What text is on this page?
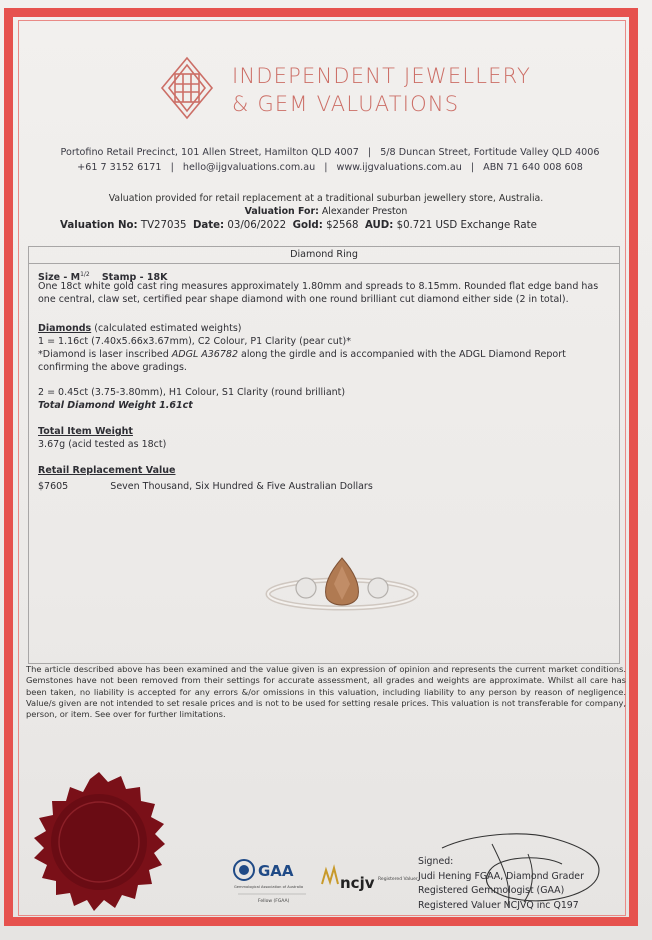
INDEPENDENT JEWELLERY
& GEM VALUATIONS
Portofino Retail Precinct, 101 Allen Street, Hamilton QLD 4007 | 5/8 Duncan Street, Fortitude Valley QLD 4006
+61 7 3152 6171 | hello@ijgvaluations.com.au | www.ijgvaluations.com.au | ABN 71 640 008 608
Valuation provided for retail replacement at a traditional suburban jewellery store, Australia.
Valuation For: Alexander Preston
Valuation No: TV27035 Date: 03/06/2022 Gold: $2568 AUD: $0.721 USD Exchange Rate
Diamond Ring
Size - $M^{1/2}$ Stamp - 18K
One 18ct white gold cast ring measures approximately 1.80mm and spreads to 8.15mm. Rounded flat edge band has one central, claw set, certified pear shape diamond with one round brilliant cut diamond either side (2 in total).
Diamonds (calculated estimated weights)
1 = 1.16ct (7.40x5.66x3.67mm), C2 Colour, P1 Clarity (pear cut)*
*Diamond is laser inscribed ADGL A36782 along the girdle and is accompanied with the ADGL Diamond Report confirming the above gradings.
2 = 0.45ct (3.75-3.80mm), H1 Colour, S1 Clarity (round brilliant)
Total Diamond Weight 1.61ct
Total Item Weight
3.67g (acid tested as 18ct)
Retail Replacement Value
$7605	Seven Thousand, Six Hundred & Five Australian Dollars
The article described above has been examined and the value given is an expression of opinion and represents the current market conditions. Gemstones have not been removed from their settings for accurate assessment, all grades and weights are approximate. Whilst all care has been taken, no liability is accepted for any errors &/or omissions in this valuation, including liability to any person by reason of negligence. Value/s given are not intended to set resale prices and is not to be used for setting resale prices. This valuation is not transferable for company, person, or item. See over for further limitations.
GAA
Gemmological Association of Australia
Fellow (FGAA)
ncjv Registered Valuer
Signed:
Judi Hening FGAA, Diamond Grader
Registered Gemmologist (GAA)
Registered Valuer NCJVQ inc Q197
